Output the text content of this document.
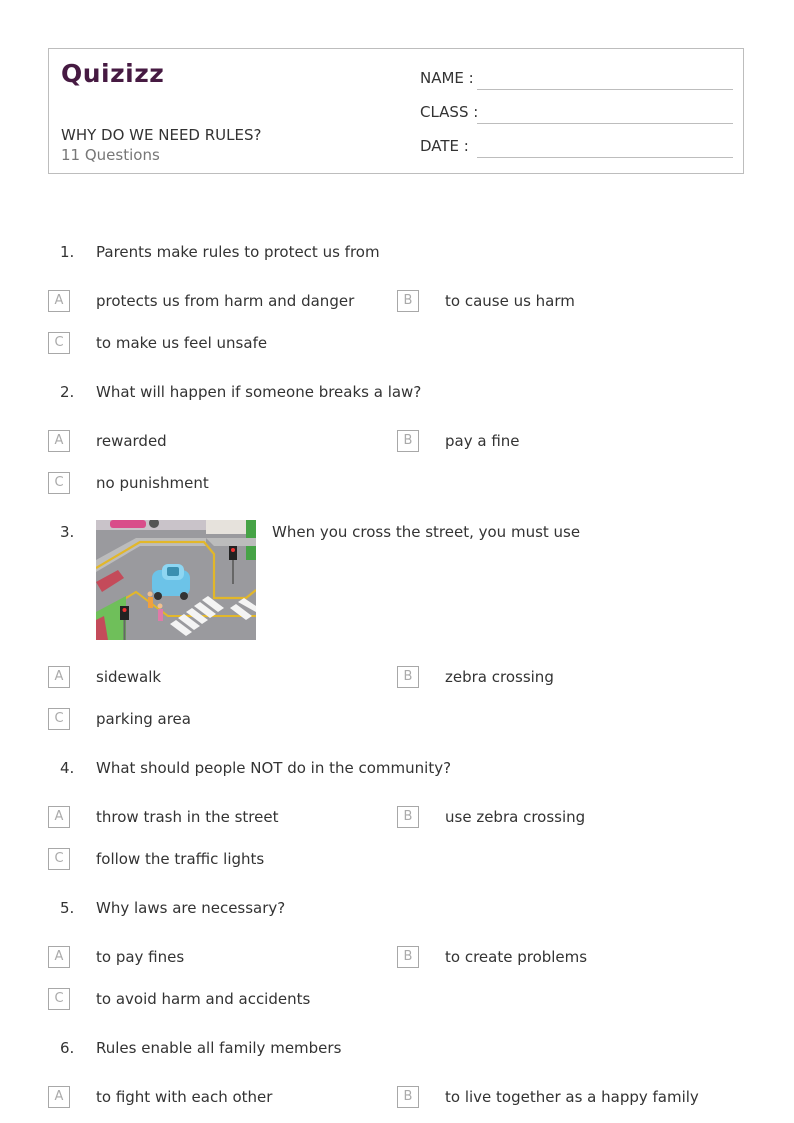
Quizizz
WHY DO WE NEED RULES?
11 Questions
NAME :
CLASS :
DATE :
1. Parents make rules to protect us from
A	protects us from harm and danger	B	to cause us harm
C	to make us feel unsafe
2. What will happen if someone breaks a law?
A	rewarded	B	pay a fine
C	no punishment
3.	When you cross the street, you must use
A	sidewalk	B	zebra crossing
C	parking area
4. What should people NOT do in the community?
A	throw trash in the street	B	use zebra crossing
C	follow the traffic lights
5. Why laws are necessary?
A	to pay fines	B	to create problems
C	to avoid harm and accidents
6. Rules enable all family members
A	to fight with each other	B	to live together as a happy family
